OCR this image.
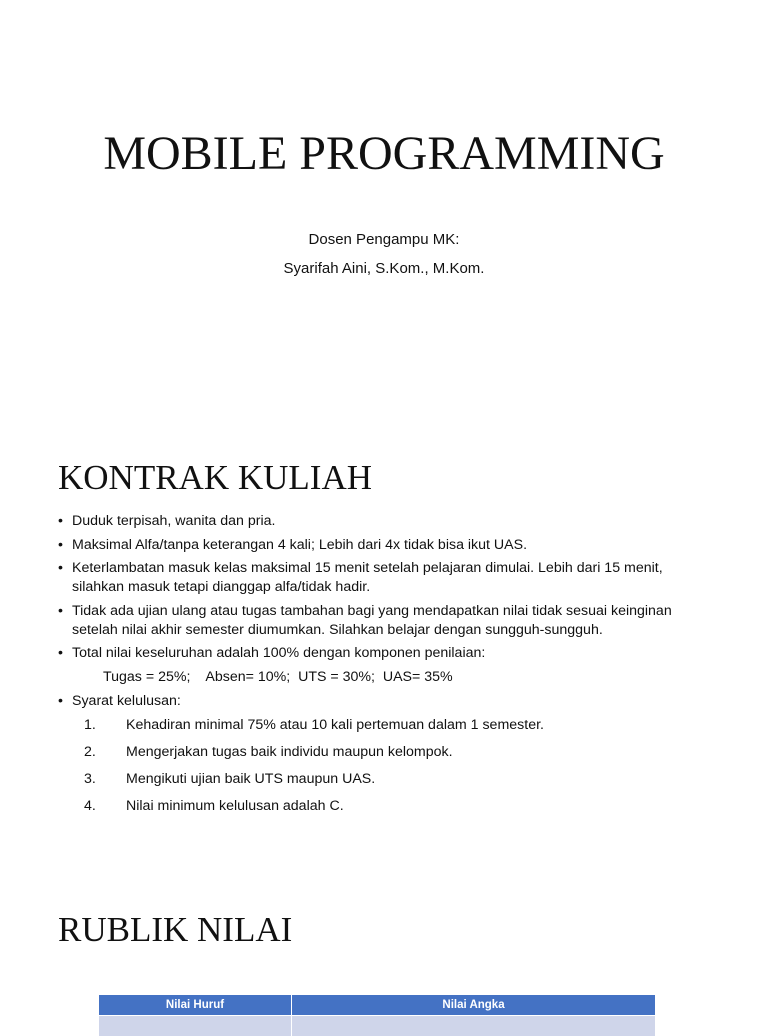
MOBILE PROGRAMMING

Dosen Pengampu MK:

Syarifah Aini, S.Kom., M.Kom.

KONTRAK KULIAH
• Duduk terpisah, wanita dan pria.
• Maksimal Alfa/tanpa keterangan 4 kali; Lebih dari 4x tidak bisa ikut UAS.
• Keterlambatan masuk kelas maksimal 15 menit setelah pelajaran dimulai. Lebih dari 15 menit, silahkan masuk tetapi dianggap alfa/tidak hadir.
• Tidak ada ujian ulang atau tugas tambahan bagi yang mendapatkan nilai tidak sesuai keinginan setelah nilai akhir semester diumumkan. Silahkan belajar dengan sungguh-sungguh.
• Total nilai keseluruhan adalah 100% dengan komponen penilaian:
Tugas = 25%;    Absen= 10%;  UTS = 30%;  UAS= 35%
• Syarat kelulusan:
1. Kehadiran minimal 75% atau 10 kali pertemuan dalam 1 semester.
2. Mengerjakan tugas baik individu maupun kelompok.
3. Mengikuti ujian baik UTS maupun UAS.
4. Nilai minimum kelulusan adalah C.
RUBLIK NILAI
Nilai Huruf	Nilai Angka
